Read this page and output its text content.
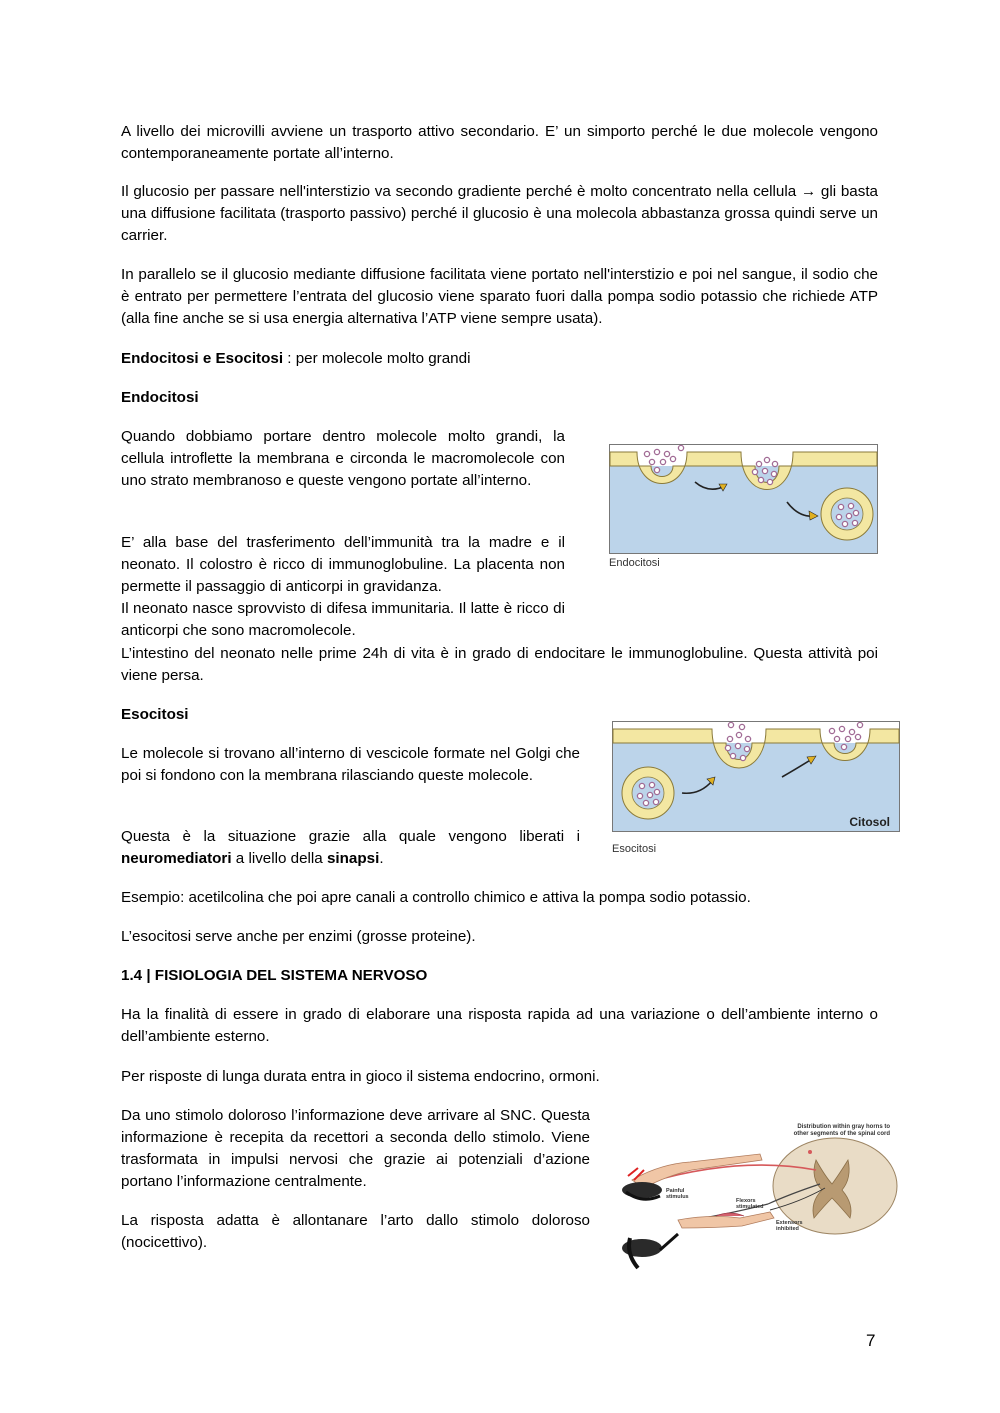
A livello dei microvilli avviene un trasporto attivo secondario. E’ un simporto perché le due molecole vengono contemporaneamente portate all’interno.

Il glucosio per passare nell'interstizio va secondo gradiente perché è molto concentrato nella cellula → gli basta una diffusione facilitata (trasporto passivo) perché il glucosio è una molecola abbastanza grossa quindi serve un carrier.

In parallelo se il glucosio mediante diffusione facilitata viene portato nell'interstizio e poi nel sangue, il sodio che è entrato per permettere l’entrata del glucosio viene sparato fuori dalla pompa sodio potassio che richiede ATP (alla fine anche se si usa energia alternativa l’ATP viene sempre usata).

Endocitosi e Esocitosi : per molecole molto grandi

Endocitosi

Quando dobbiamo portare dentro molecole molto grandi, la cellula introflette la membrana e circonda le macromolecole con uno strato membranoso e queste vengono portate all’interno.

E’ alla base del trasferimento dell’immunità tra la madre e il neonato. Il colostro è ricco di immunoglobuline. La placenta non permette il passaggio di anticorpi in gravidanza.

Il neonato nasce sprovvisto di difesa immunitaria. Il latte è ricco di anticorpi che sono macromolecole.

L’intestino del neonato nelle prime 24h di vita è in grado di endocitare le immunoglobuline. Questa attività poi viene persa.

Endocitosi

Esocitosi

Le molecole si trovano all’interno di vescicole formate nel Golgi che poi si fondono con la membrana rilasciando queste molecole.

Questa è la situazione grazie alla quale vengono liberati i neuromediatori a livello della sinapsi.

Citosol
Esocitosi

Esempio: acetilcolina che poi apre canali a controllo chimico e attiva la pompa sodio potassio.

L’esocitosi serve anche per enzimi (grosse proteine).

1.4 | FISIOLOGIA DEL SISTEMA NERVOSO

Ha la finalità di essere in grado di elaborare una risposta rapida ad una variazione o dell’ambiente interno o dell’ambiente esterno.

Per risposte di lunga durata entra in gioco il sistema endocrino, ormoni.

Da uno stimolo doloroso l’informazione deve arrivare al SNC. Questa informazione è recepita da recettori a seconda dello stimolo. Viene trasformata in impulsi nervosi che grazie ai potenziali d’azione portano l’informazione centralmente.

La risposta adatta è allontanare l’arto dallo stimolo doloroso (nocicettivo).

Distribution within gray horns to
other segments of the spinal cord
Painful
stimulus
Flexors
stimulated
Extensors
inhibited
7
